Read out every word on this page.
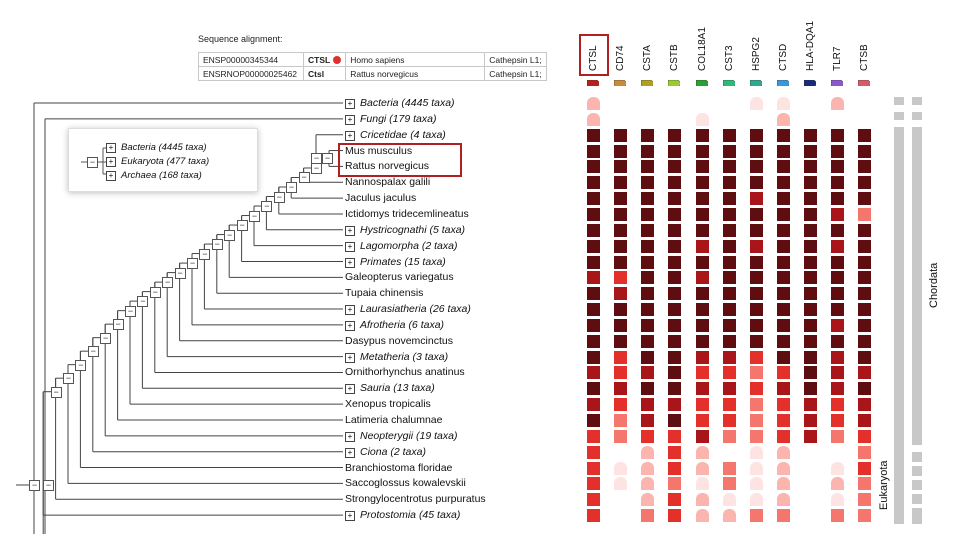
Sequence alignment:
ENSP00000345344	CTSL	Homo sapiens	Cathepsin L1;
ENSRNOP00000025462	Ctsl	Rattus norvegicus	Cathepsin L1;
+ Bacteria (4445 taxa)
+ Fungi (179 taxa)
+ Cricetidae (4 taxa)
Mus musculus
Rattus norvegicus
Nannospalax galili
Jaculus jaculus
Ictidomys tridecemlineatus
+ Hystricognathi (5 taxa)
+ Lagomorpha (2 taxa)
+ Primates (15 taxa)
Galeopterus variegatus
Tupaia chinensis
+ Laurasiatheria (26 taxa)
+ Afrotheria (6 taxa)
Dasypus novemcinctus
+ Metatheria (3 taxa)
Ornithorhynchus anatinus
+ Sauria (13 taxa)
Xenopus tropicalis
Latimeria chalumnae
+ Neopterygii (19 taxa)
+ Ciona (2 taxa)
Branchiostoma floridae
Saccoglossus kowalevskii
Strongylocentrotus purpuratus
+ Protostomia (45 taxa)
− −
−
−
−
−
−
−
−
−
−
−
−
−
−
−
−
−
−
−
−
−
−
−
−
−
−
+ Bacteria (4445 taxa)
+ Eukaryota (477 taxa)
+ Archaea (168 taxa)
CTSL CD74 CSTA CSTB COL18A1 CST3 HSPG2 CTSD HLA-DQA1 TLR7 CTSB
Chordata
Eukaryota
